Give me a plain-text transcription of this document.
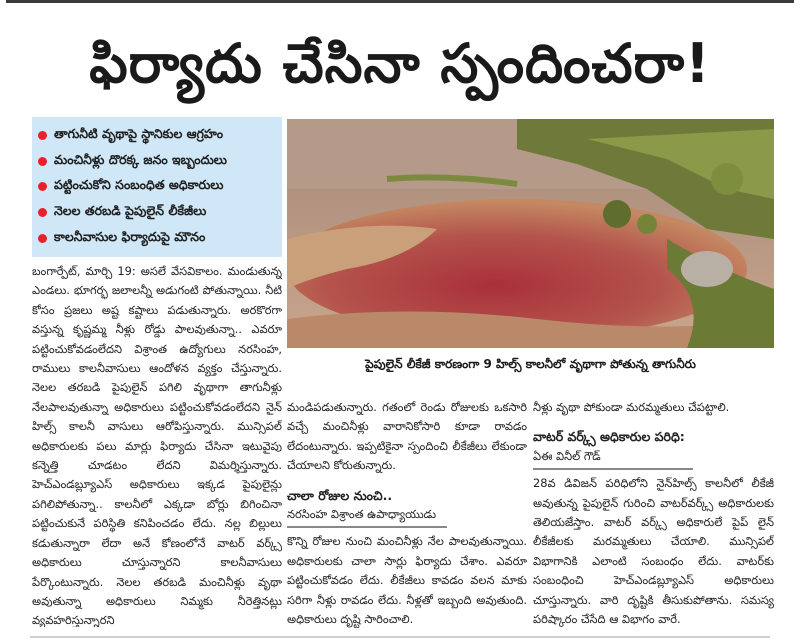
ఫిర్యాదు చేసినా స్పందించరా!
తాగునీటి వృథాపై స్థానికుల ఆగ్రహం
మంచినీళ్లు దొరక్క జనం ఇబ్బందులు
పట్టించుకోని సంబంధిత అధికారులు
నెలల తరబడి పైపులైన్ లీకేజీలు
కాలనీవాసుల ఫిర్యాదుపై మౌనం
పైపులైన్ లీకేజీ కారణంగా 9 హిల్స్ కాలనీలో వృథాగా పోతున్న తాగునీరు

బంగార్పేట్, మార్చి 19: అసలే వేసవికాలం. మండుతున్న ఎండలు. భూగర్భ జలాలన్నీ అడుగంటి పోతున్నాయి. నీటి కోసం ప్రజలు అష్ట కష్టాలు పడుతున్నారు. అరకొరగా వస్తున్న కృష్ణమ్మ నీళ్లు రోడ్డు పాలవుతున్నా.. ఎవరూ పట్టించుకోవడంలేదని విశ్రాంత ఉద్యోగులు నరసింహ, రాములు కాలనీవాసులు ఆందోళన వ్యక్తం చేస్తున్నారు. నెలల తరబడి పైపులైన్ పగిలి వృథాగా తాగునీళ్లు నేలపాలవుతున్నా అధికారులు పట్టించుకోవడంలేదని నైన్ హిల్స్ కాలనీ వాసులు ఆరోపిస్తున్నారు. మున్సిపల్ అధికారులకు పలు మార్లు ఫిర్యాదు చేసినా ఇటువైపు కన్నెత్తి చూడటం లేదని విమర్శిస్తున్నారు. హెచ్ఎండబ్ల్యూఎస్ అధికారులు ఇక్కడ పైపులైన్లు పగిలిపోతున్నా.. కాలనీలో ఎక్కడా బోర్లు బిగించినా పట్టించుకునే పరిస్థితి కనిపించడం లేదు. నల్ల బిల్లులు కడుతున్నారా లేదా అనే కోణంలోనే వాటర్ వర్క్స్ అధికారులు చూస్తున్నారని కాలనీవాసులు పేర్కొంటున్నారు. నెలల తరబడి మంచినీళ్లు వృథా అవుతున్నా అధికారులు నిమ్మకు నీరెత్తినట్లు వ్యవహరిస్తున్నారని

మండిపడుతున్నారు. గతంలో రెండు రోజులకు ఒకసారి వచ్చే మంచినీళ్లు వారానికోసారి కూడా రావడం లేదంటున్నారు. ఇప్పటికైనా స్పందించి లీకేజీలు లేకుండా చేయాలని కోరుతున్నారు.

చాలా రోజుల నుంచి..

నరసింహ విశ్రాంత ఉపాధ్యాయుడు

కొన్ని రోజుల నుంచి మంచినీళ్లు నేల పాలవుతున్నాయి. అధికారులకు చాలా సార్లు ఫిర్యాదు చేశాం. ఎవరూ పట్టించుకోవడం లేదు. లీకేజీలు కావడం వలన మాకు సరిగా నీళ్లు రావడం లేదు. నీళ్లతో ఇబ్బంది అవుతుంది. అధికారులు దృష్టి సారించాలి.

నీళ్లు వృథా పోకుండా మరమ్మతులు చేపట్టాలి.

వాటర్ వర్క్స్ అధికారుల పరిధి:

ఏఈ వినీల్ గౌడ్

28వ డివిజన్ పరిధిలోని నైన్‌హిల్స్ కాలనీలో లీకేజీ అవుతున్న పైపులైన్ గురించి వాటర్‌వర్క్స్ అధికారులకు తెలియజేస్తాం. వాటర్ వర్క్స్ అధికారులే పైప్ లైన్ లీకేజీలకు మరమ్మతులు చేయాలి. మున్సిపల్ విభాగానికి ఎలాంటి సంబంధం లేదు. వాటర్‌కు సంబంధించి హెచ్ఎండబ్ల్యూఎస్ అధికారులు చూస్తున్నారు. వారి దృష్టికి తీసుకుపోతాను. సమస్య పరిష్కారం చేసేది ఆ విభాగం వారే.
